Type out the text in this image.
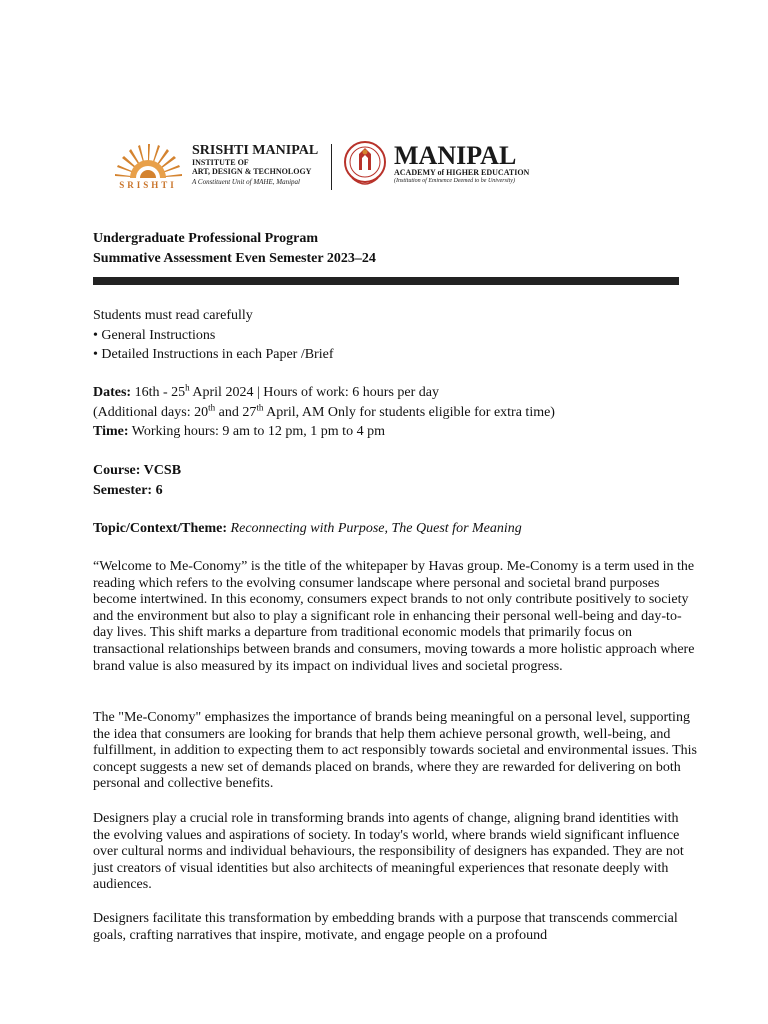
SRISHTI
SRISHTI MANIPAL
INSTITUTE OF
ART, DESIGN & TECHNOLOGY
A Constituent Unit of MAHE, Manipal
MANIPAL
ACADEMY of HIGHER EDUCATION
(Institution of Eminence Deemed to be University)
Undergraduate Professional Program
Summative Assessment Even Semester 2023–24

Students must read carefully

• General Instructions

• Detailed Instructions in each Paper /Brief

Dates: 16th - 25$^h$ April 2024 | Hours of work: 6 hours per day

(Additional days: 20th and 27th April, AM Only for students eligible for extra time)

Time: Working hours: 9 am to 12 pm, 1 pm to 4 pm

Course: VCSB

Semester: 6

Topic/Context/Theme: Reconnecting with Purpose, The Quest for Meaning

“Welcome to Me-Conomy” is the title of the whitepaper by Havas group. Me-Conomy is a term used in the reading which refers to the evolving consumer landscape where personal and societal brand purposes become intertwined. In this economy, consumers expect brands to not only contribute positively to society and the environment but also to play a significant role in enhancing their personal well-being and day-to-day lives. This shift marks a departure from traditional economic models that primarily focus on transactional relationships between brands and consumers, moving towards a more holistic approach where brand value is also measured by its impact on individual lives and societal progress.

The "Me-Conomy" emphasizes the importance of brands being meaningful on a personal level, supporting the idea that consumers are looking for brands that help them achieve personal growth, well-being, and fulfillment, in addition to expecting them to act responsibly towards societal and environmental issues. This concept suggests a new set of demands placed on brands, where they are rewarded for delivering on both personal and collective benefits.

Designers play a crucial role in transforming brands into agents of change, aligning brand identities with the evolving values and aspirations of society. In today's world, where brands wield significant influence over cultural norms and individual behaviours, the responsibility of designers has expanded. They are not just creators of visual identities but also architects of meaningful experiences that resonate deeply with audiences.

Designers facilitate this transformation by embedding brands with a purpose that transcends commercial goals, crafting narratives that inspire, motivate, and engage people on a profound
